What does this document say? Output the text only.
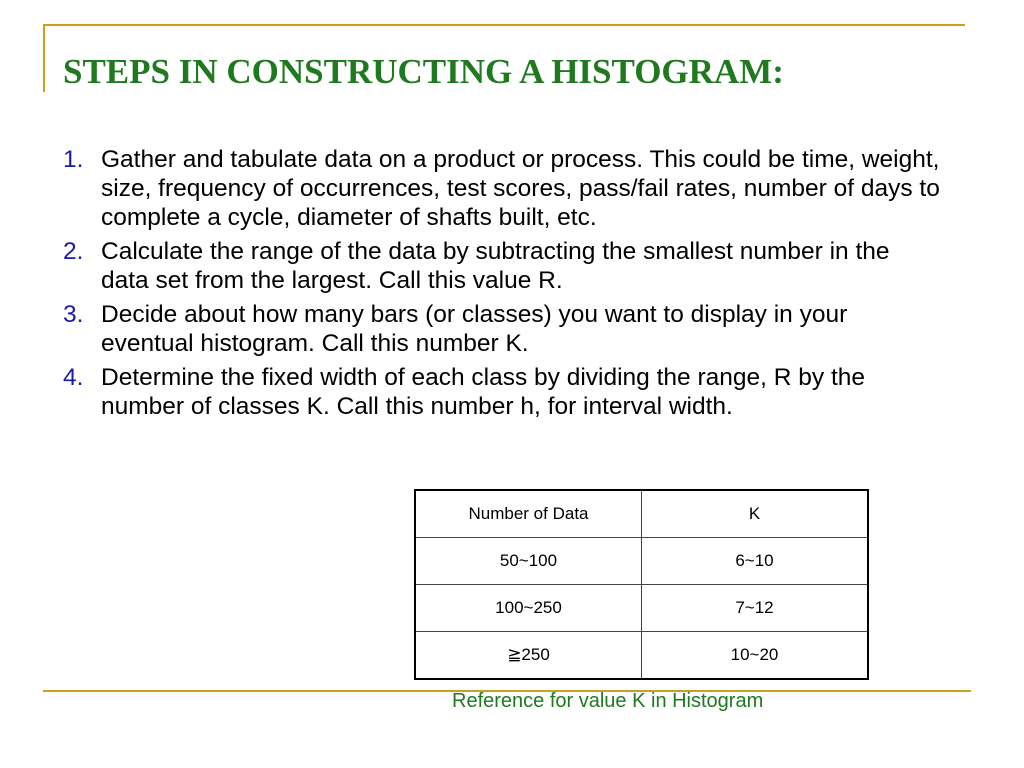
STEPS IN CONSTRUCTING A HISTOGRAM:
1. Gather and tabulate data on a product or process. This could be time, weight, size, frequency of occurrences, test scores, pass/fail rates, number of days to complete a cycle, diameter of shafts built, etc.
2. Calculate the range of the data by subtracting the smallest number in the data set from the largest. Call this value R.
3. Decide about how many bars (or classes) you want to display in your eventual histogram. Call this number K.
4. Determine the fixed width of each class by dividing the range, R by the number of classes K. Call this number h, for interval width.
Number of Data	K
50~100	6~10
100~250	7~12
≧250	10~20

Reference for value K in Histogram
